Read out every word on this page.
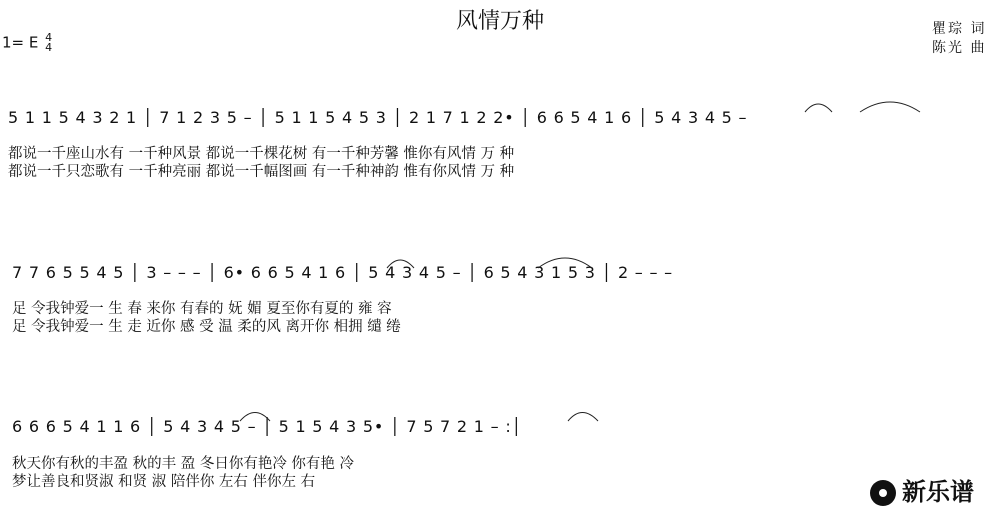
风情万种
1= E 4
4
瞿琮 词
陈光 曲
5 1 1 5 4 3 2 1 │ 7 1 2 3 5 – │ 5 1 1 5 4 5 3 │ 2 1 7 1 2 2• │ 6 6 5 4 1 6 │ 5 4 3 4 5 –
都说一千座山水有 一千种风景 都说一千棵花树 有一千种芳馨 惟你有风情 万 种
都说一千只恋歌有 一千种亮丽 都说一千幅图画 有一千种神韵 惟有你风情 万 种
7 7 6 5 5 4 5 │ 3 – – – │ 6• 6 6 5 4 1 6 │ 5 4 3 4 5 – │ 6 5 4 3 1 5 3 │ 2 – – –
足 令我钟爱一 生 春 来你 有春的 妩 媚 夏至你有夏的 雍 容
足 令我钟爱一 生 走 近你 感 受 温 柔的风 离开你 相拥 缱 绻
6 6 6 5 4 1 1 6 │ 5 4 3 4 5 – │ 5 1 5 4 3 5• │ 7 5 7 2 1 – :│
秋天你有秋的丰盈 秋的丰 盈 冬日你有艳冷 你有艳 冷
梦让善良和贤淑 和贤 淑 陪伴你 左右 伴你左 右	新乐谱
